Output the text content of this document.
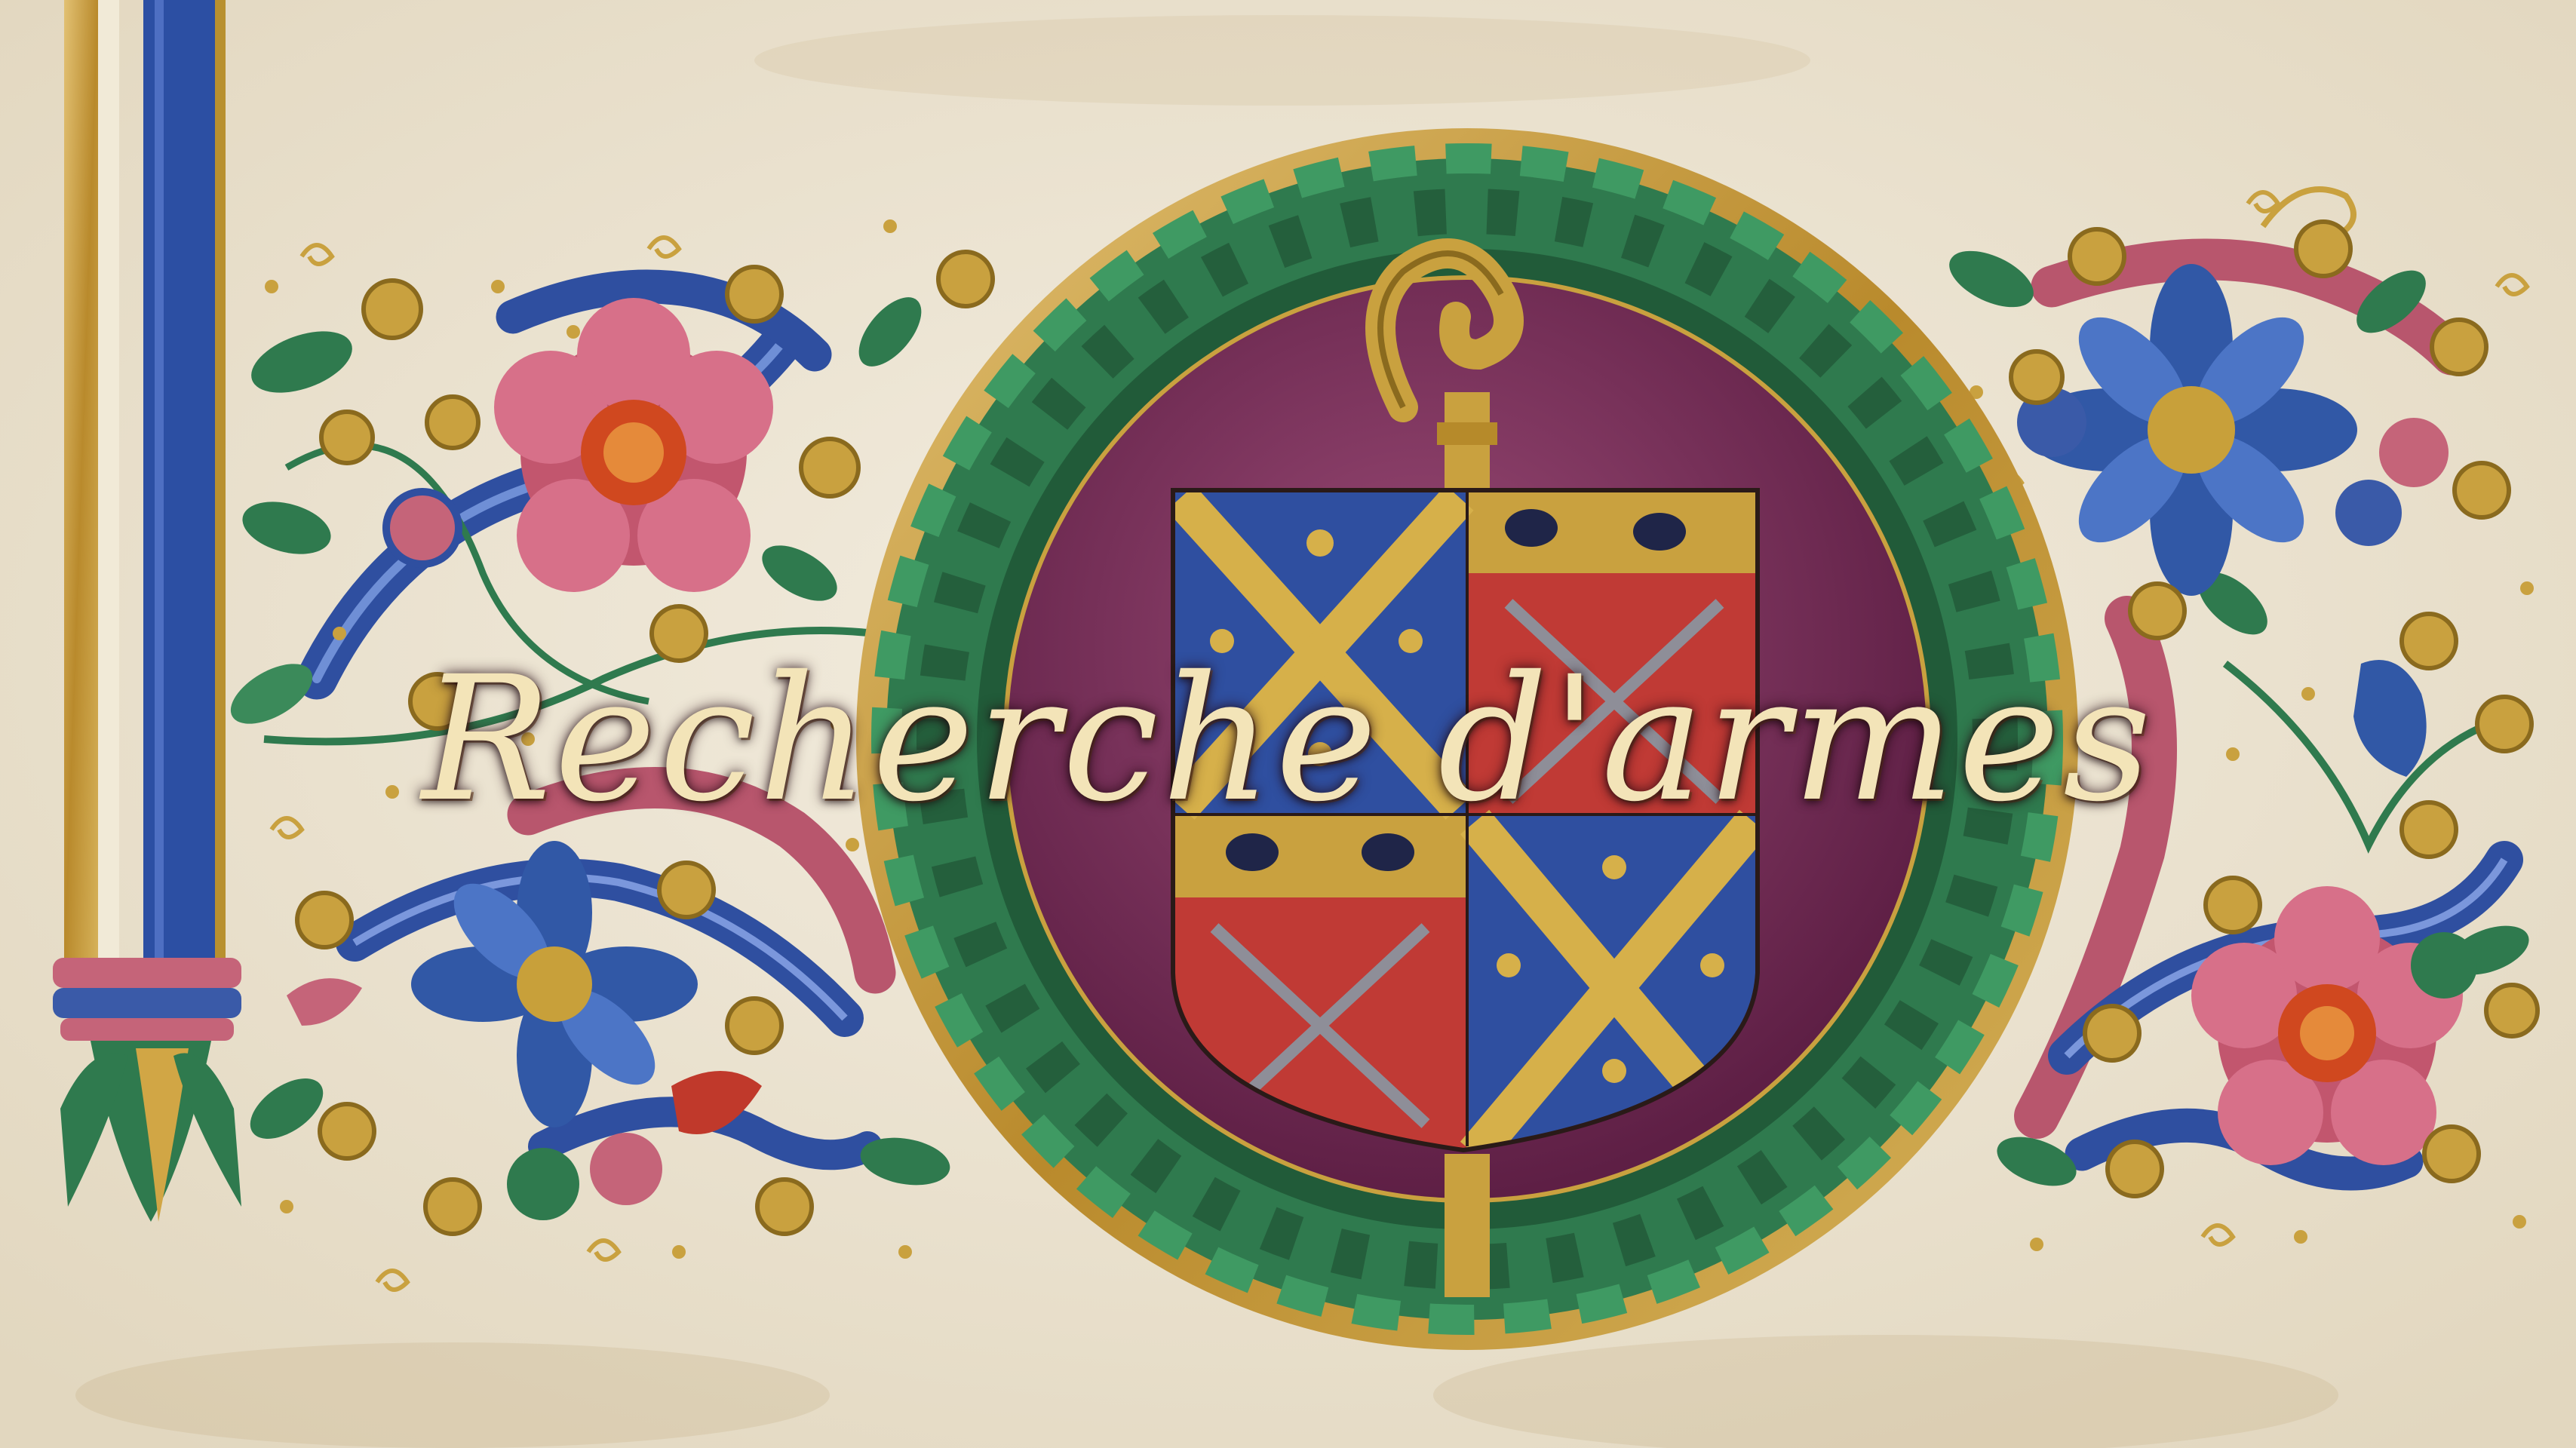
Recherche d'armes
